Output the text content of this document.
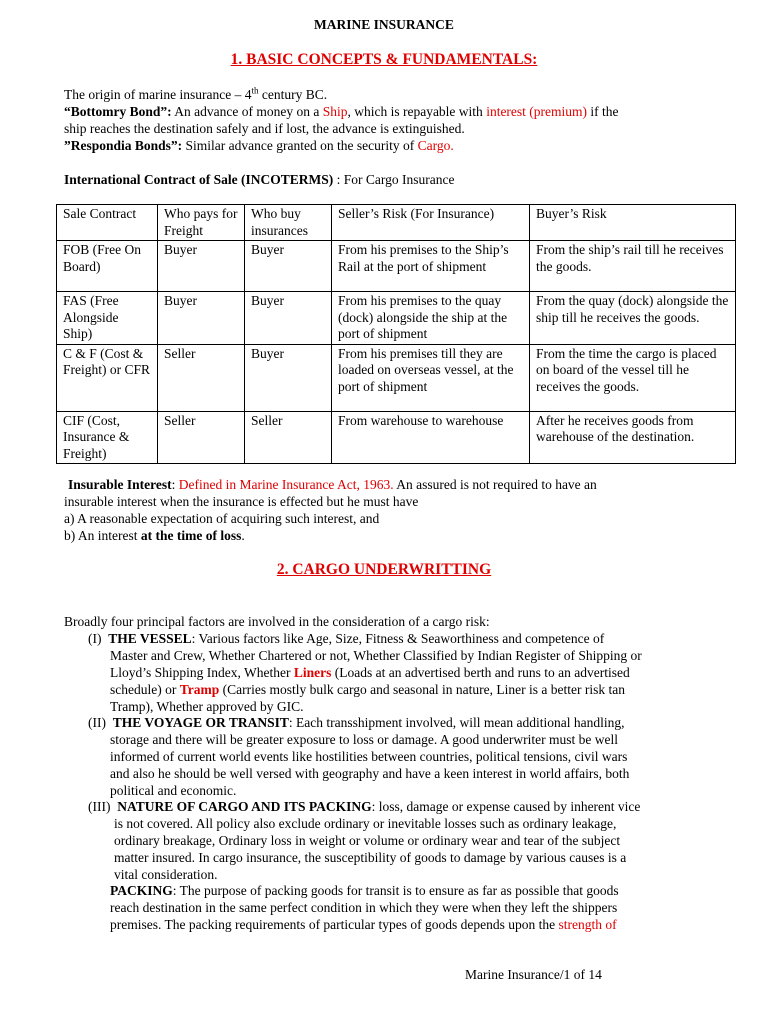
MARINE INSURANCE
1. BASIC CONCEPTS & FUNDAMENTALS:
The origin of marine insurance – 4th century BC.
“Bottomry Bond”: An advance of money on a Ship, which is repayable with interest (premium) if the
ship reaches the destination safely and if lost, the advance is extinguished.
”Respondia Bonds”: Similar advance granted on the security of Cargo.
International Contract of Sale (INCOTERMS) : For Cargo Insurance
Sale Contract	Who pays for Freight	Who buy insurances	Seller’s Risk (For Insurance)	Buyer’s Risk
FOB (Free On Board)	Buyer	Buyer	From his premises to the Ship’s Rail at the port of shipment	From the ship’s rail till he receives the goods.
FAS (Free Alongside Ship)	Buyer	Buyer	From his premises to the quay (dock) alongside the ship at the port of shipment	From the quay (dock) alongside the ship till he receives the goods.
C & F (Cost & Freight) or CFR	Seller	Buyer	From his premises till they are loaded on overseas vessel, at the port of shipment	From the time the cargo is placed on board of the vessel till he receives the goods.
CIF (Cost, Insurance & Freight)	Seller	Seller	From warehouse to warehouse	After he receives goods from warehouse of the destination.
Insurable Interest: Defined in Marine Insurance Act, 1963. An assured is not required to have an
insurable interest when the insurance is effected but he must have
a) A reasonable expectation of acquiring such interest, and
b) An interest at the time of loss.
2. CARGO UNDERWRITTING
Broadly four principal factors are involved in the consideration of a cargo risk:
(I) THE VESSEL: Various factors like Age, Size, Fitness & Seaworthiness and competence of
Master and Crew, Whether Chartered or not, Whether Classified by Indian Register of Shipping or
Lloyd’s Shipping Index, Whether Liners (Loads at an advertised berth and runs to an advertised
schedule) or Tramp (Carries mostly bulk cargo and seasonal in nature, Liner is a better risk tan
Tramp), Whether approved by GIC.
(II) THE VOYAGE OR TRANSIT: Each transshipment involved, will mean additional handling,
storage and there will be greater exposure to loss or damage. A good underwriter must be well
informed of current world events like hostilities between countries, political tensions, civil wars
and also he should be well versed with geography and have a keen interest in world affairs, both
political and economic.
(III) NATURE OF CARGO AND ITS PACKING: loss, damage or expense caused by inherent vice
is not covered. All policy also exclude ordinary or inevitable losses such as ordinary leakage,
ordinary breakage, Ordinary loss in weight or volume or ordinary wear and tear of the subject
matter insured. In cargo insurance, the susceptibility of goods to damage by various causes is a
vital consideration.
PACKING: The purpose of packing goods for transit is to ensure as far as possible that goods
reach destination in the same perfect condition in which they were when they left the shippers
premises. The packing requirements of particular types of goods depends upon the strength of
Marine Insurance/1 of 14
